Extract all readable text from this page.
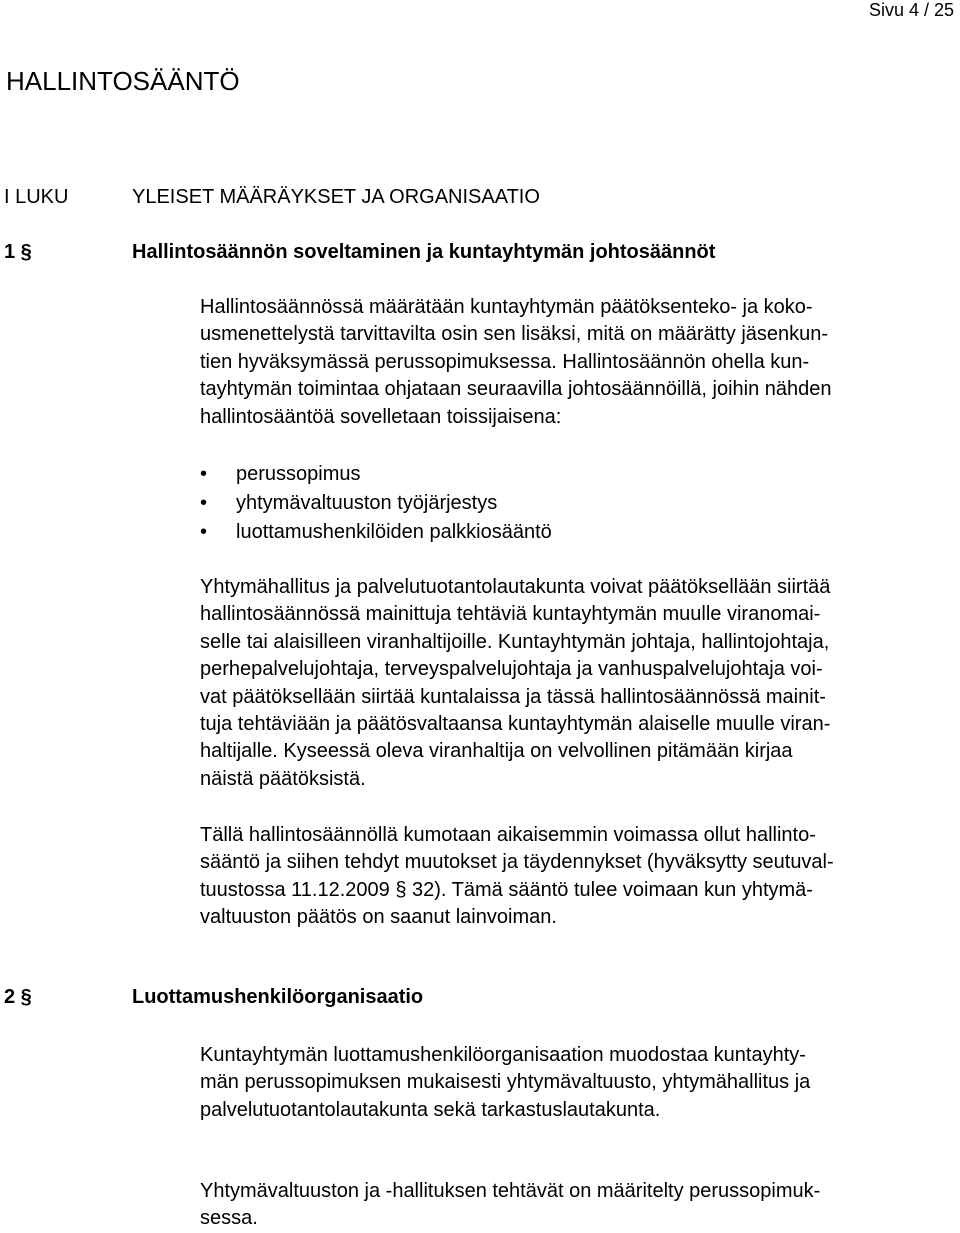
Sivu 4 / 25
HALLINTOSÄÄNTÖ
I LUKU	YLEISET MÄÄRÄYKSET JA ORGANISAATIO
1 §	Hallintosäännön soveltaminen ja kuntayhtymän johtosäännöt

Hallintosäännössä määrätään kuntayhtymän päätöksenteko- ja koko-
usmenettelystä tarvittavilta osin sen lisäksi, mitä on määrätty jäsenkun-
tien hyväksymässä perussopimuksessa. Hallintosäännön ohella kun-
tayhtymän toimintaa ohjataan seuraavilla johtosäännöillä, joihin nähden
hallintosääntöä sovelletaan toissijaisena:

• perussopimus
• yhtymävaltuuston työjärjestys
• luottamushenkilöiden palkkiosääntö

Yhtymähallitus ja palvelutuotantolautakunta voivat päätöksellään siirtää
hallintosäännössä mainittuja tehtäviä kuntayhtymän muulle viranomai-
selle tai alaisilleen viranhaltijoille. Kuntayhtymän johtaja, hallintojohtaja,
perhepalvelujohtaja, terveyspalvelujohtaja ja vanhuspalvelujohtaja voi-
vat päätöksellään siirtää kuntalaissa ja tässä hallintosäännössä mainit-
tuja tehtäviään ja päätösvaltaansa kuntayhtymän alaiselle muulle viran-
haltijalle. Kyseessä oleva viranhaltija on velvollinen pitämään kirjaa
näistä päätöksistä.

Tällä hallintosäännöllä kumotaan aikaisemmin voimassa ollut hallinto-
sääntö ja siihen tehdyt muutokset ja täydennykset (hyväksytty seutuval-
tuustossa 11.12.2009 § 32). Tämä sääntö tulee voimaan kun yhtymä-
valtuuston päätös on saanut lainvoiman.

2 §	Luottamushenkilöorganisaatio

Kuntayhtymän luottamushenkilöorganisaation muodostaa kuntayhty-
män perussopimuksen mukaisesti yhtymävaltuusto, yhtymähallitus ja
palvelutuotantolautakunta sekä tarkastuslautakunta.

Yhtymävaltuuston ja -hallituksen tehtävät on määritelty perussopimuk-
sessa.
